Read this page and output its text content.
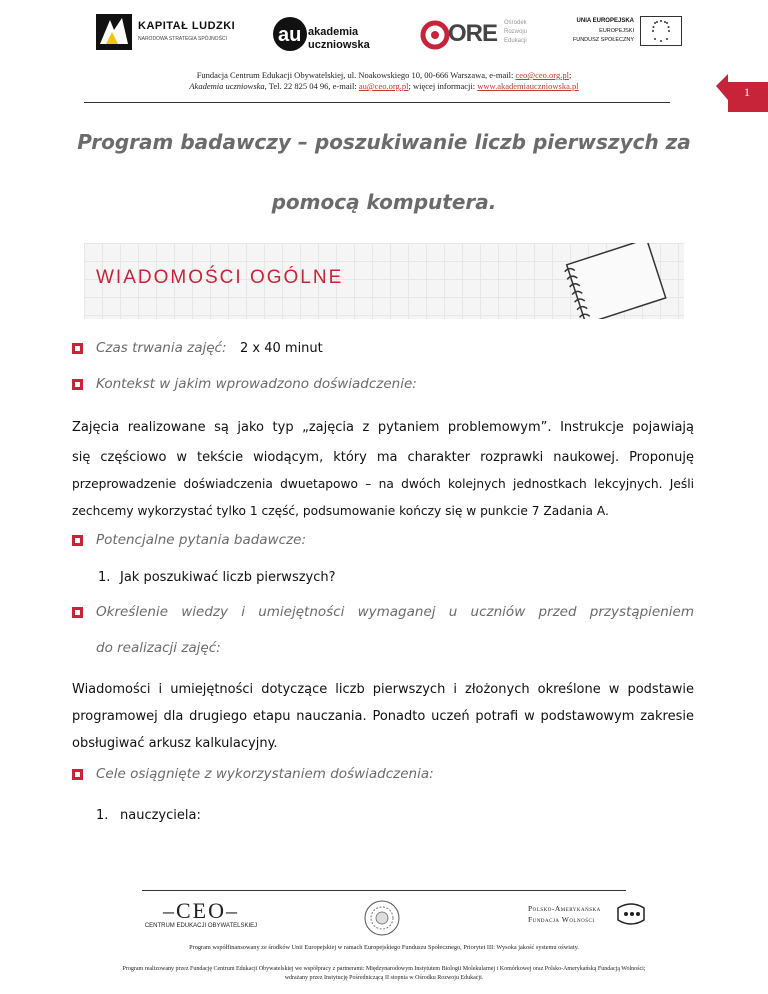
KAPITAŁ LUDZKI
NARODOWA STRATEGIA SPÓJNOŚCI	au akademia
uczniowska	ORE Ośrodek
Rozwoju
Edukacji
UNIA EUROPEJSKA
EUROPEJSKI
FUNDUSZ SPOŁECZNY
Fundacja Centrum Edukacji Obywatelskiej, ul. Noakowskiego 10, 00-666 Warszawa, e-mail: ceo@ceo.org.pl;
Akademia uczniowska, Tel. 22 825 04 96, e-mail: au@ceo.org.pl; więcej informacji: www.akademiauczniowska.pl	1
Program badawczy – poszukiwanie liczb pierwszych za
pomocą komputera.
WIADOMOŚCI OGÓLNE
Czas trwania zajęć: 2 x 40 minut
Kontekst w jakim wprowadzono doświadczenie:
Zajęcia realizowane są jako typ „zajęcia z pytaniem problemowym”. Instrukcje pojawiają
się częściowo w tekście wiodącym, który ma charakter rozprawki naukowej. Proponuję
przeprowadzenie doświadczenia dwuetapowo – na dwóch kolejnych jednostkach lekcyjnych. Jeśli
zechcemy wykorzystać tylko 1 część, podsumowanie kończy się w punkcie 7 Zadania A.
Potencjalne pytania badawcze:
1. Jak poszukiwać liczb pierwszych?
Określenie wiedzy i umiejętności wymaganej u uczniów przed przystąpieniem
do realizacji zajęć:
Wiadomości i umiejętności dotyczące liczb pierwszych i złożonych określone w podstawie
programowej dla drugiego etapu nauczania. Ponadto uczeń potrafi w podstawowym zakresie
obsługiwać arkusz kalkulacyjny.
Cele osiągnięte z wykorzystaniem doświadczenia:
1. nauczyciela:
–CEO–
CENTRUM EDUKACJI OBYWATELSKIEJ
Polsko-Amerykańska
Fundacja Wolności
Program współfinansowany ze środków Unii Europejskiej w ramach Europejskiego Funduszu Społecznego, Priorytet III: Wysoka jakość systemu oświaty.
Program realizowany przez Fundację Centrum Edukacji Obywatelskiej we współpracy z partnerami: Międzynarodowym Instytutem Biologii Molekularnej i Komórkowej oraz Polsko-Amerykańską Fundacją Wolności;
wdrażany przez Instytucję Pośredniczącą II stopnia w Ośrodku Rozwoju Edukacji.
